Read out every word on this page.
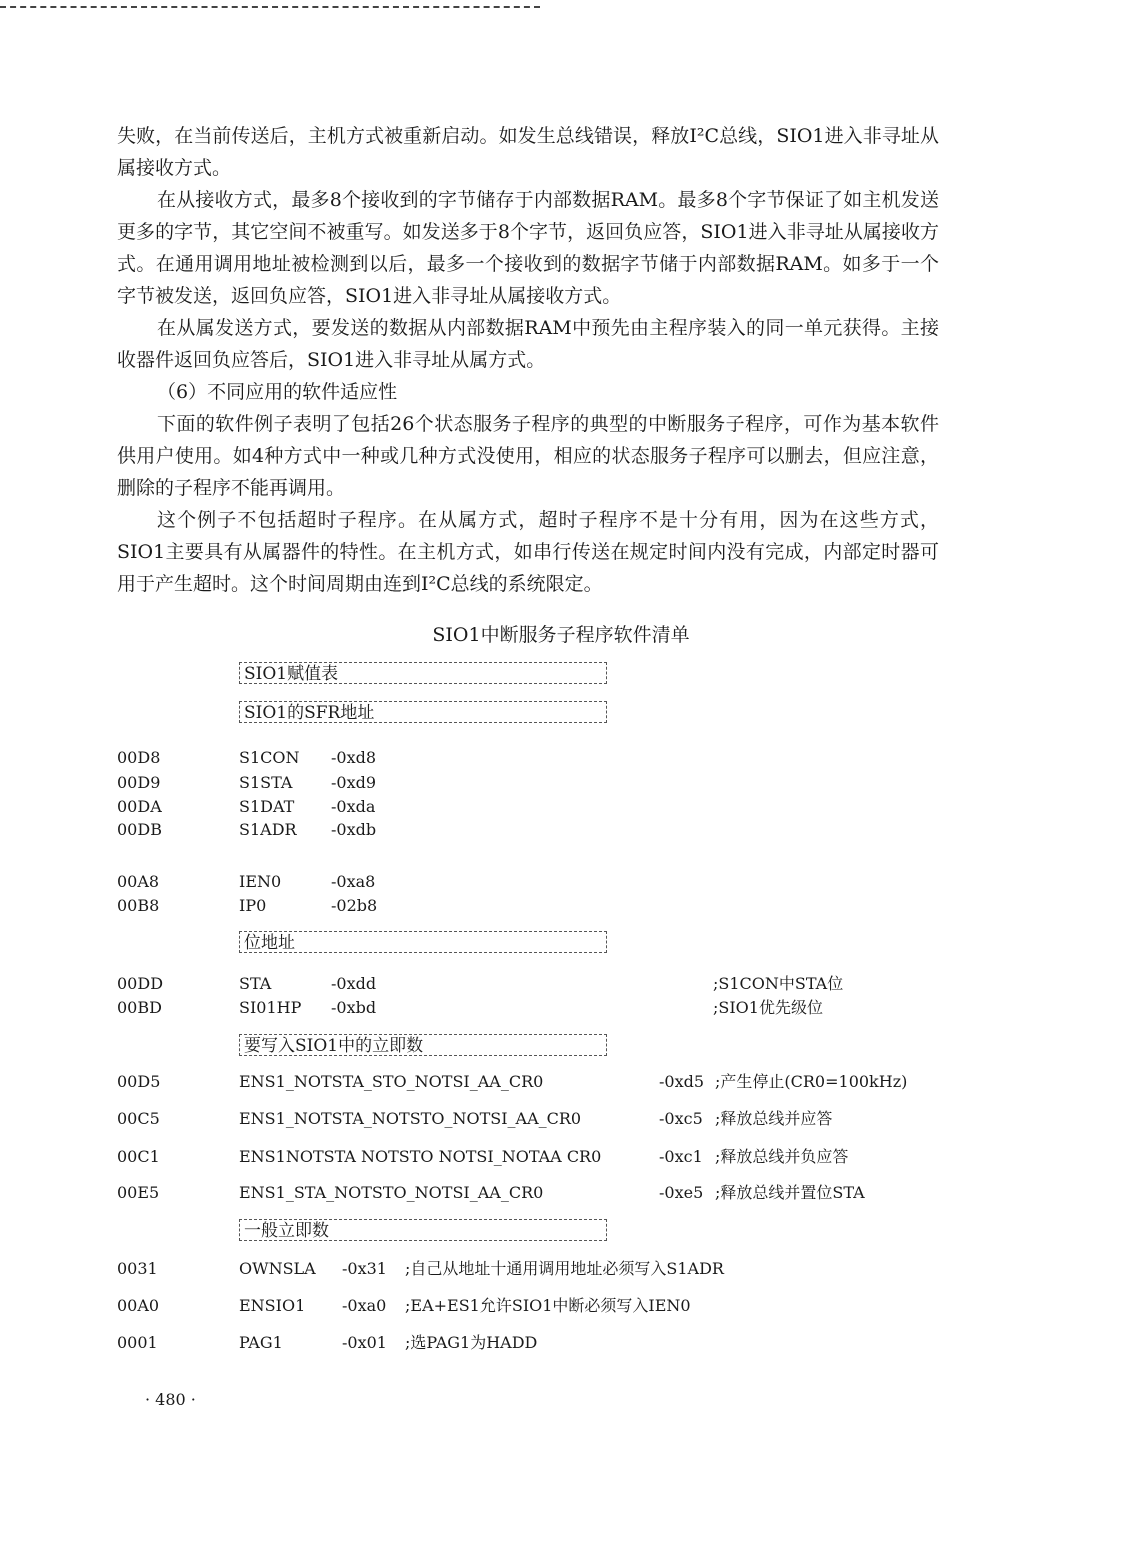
失败，在当前传送后，主机方式被重新启动。如发生总线错误，释放I²C总线，SIO1进入非寻址从属接收方式。

在从接收方式，最多8个接收到的字节储存于内部数据RAM。最多8个字节保证了如主机发送更多的字节，其它空间不被重写。如发送多于8个字节，返回负应答，SIO1进入非寻址从属接收方式。在通用调用地址被检测到以后，最多一个接收到的数据字节储于内部数据RAM。如多于一个字节被发送，返回负应答，SIO1进入非寻址从属接收方式。

在从属发送方式，要发送的数据从内部数据RAM中预先由主程序装入的同一单元获得。主接收器件返回负应答后，SIO1进入非寻址从属方式。

（6）不同应用的软件适应性

下面的软件例子表明了包括26个状态服务子程序的典型的中断服务子程序，可作为基本软件供用户使用。如4种方式中一种或几种方式没使用，相应的状态服务子程序可以删去，但应注意，删除的子程序不能再调用。

这个例子不包括超时子程序。在从属方式，超时子程序不是十分有用，因为在这些方式，SIO1主要具有从属器件的特性。在主机方式，如串行传送在规定时间内没有完成，内部定时器可用于产生超时。这个时间周期由连到I²C总线的系统限定。

SIO1中断服务子程序软件清单

SIO1赋值表
SIO1的SFR地址
00D8	S1CON -0xd8
00D9	S1STA -0xd9
00DA	S1DAT -0xda
00DB	S1ADR -0xdb
00A8	IEN0	-0xa8
00B8	IP0	-02b8
位地址
00DD	STA	-0xdd	;S1CON中STA位
00BD	SI01HP -0xbd	;SIO1优先级位
要写入SIO1中的立即数
00D5	ENS1_NOTSTA_STO_NOTSI_AA_CR0	-0xd5 ;产生停止(CR0=100kHz)
00C5	ENS1_NOTSTA_NOTSTO_NOTSI_AA_CR0	-0xc5 ;释放总线并应答
00C1	ENS1NOTSTA NOTSTO NOTSI_NOTAA CR0	-0xc1 ;释放总线并负应答
00E5	ENS1_STA_NOTSTO_NOTSI_AA_CR0	-0xe5 ;释放总线并置位STA
一般立即数
0031	OWNSLA -0x31 ;自己从地址十通用调用地址必须写入S1ADR
00A0	ENSIO1 -0xa0 ;EA+ES1允许SIO1中断必须写入IEN0
0001	PAG1	-0x01 ;选PAG1为HADD
· 480 ·
